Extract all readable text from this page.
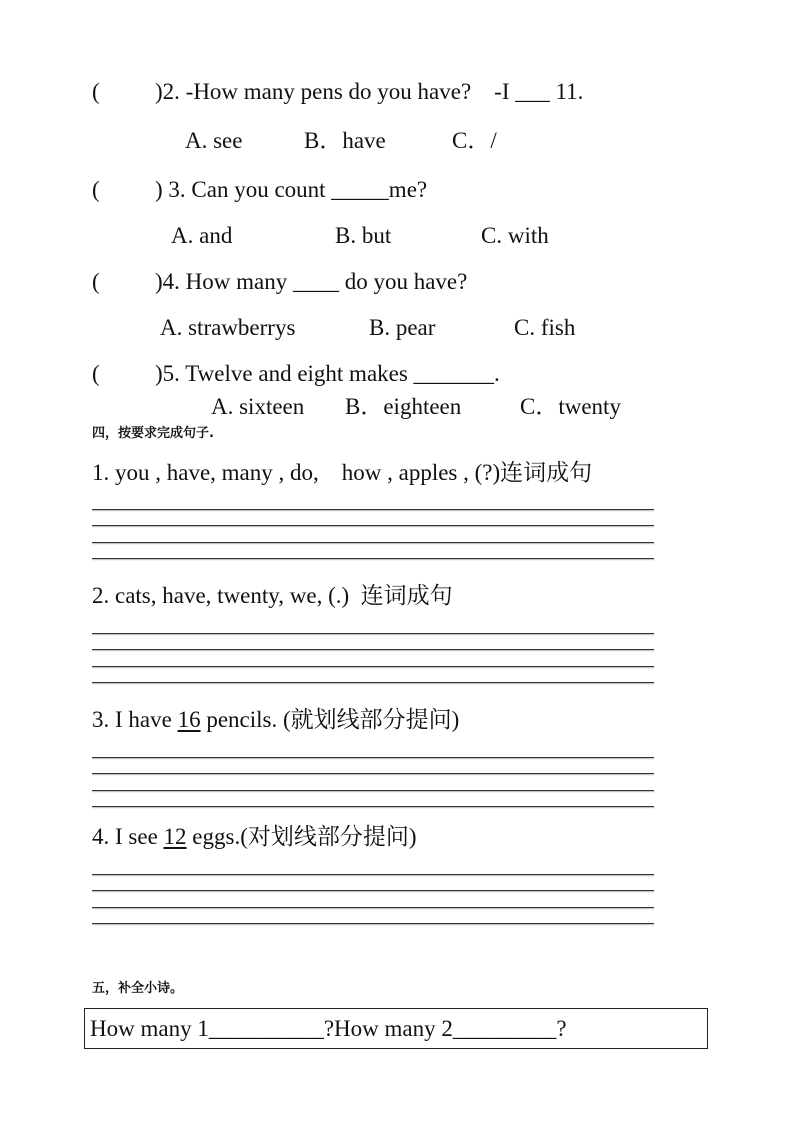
( )2. -How many pens do you have?    -I ___ 11.
A. see	B．have	C．/
( ) 3. Can you count _____me?
A. and	B. but	C. with
( )4. How many ____ do you have?
A. strawberrys	B. pear	C. fish
( )5. Twelve and eight makes _______.
A. sixteen B．eighteen	C．twenty
四，按要求完成句子.
1. you , have, many , do,    how , apples , (?)连词成句
2. cats, have, twenty, we, (.)  连词成句
3. I have 16 pencils. (就划线部分提问)
4. I see 12 eggs.(对划线部分提问)
五，补全小诗。
How many 1__________?How many 2_________?
